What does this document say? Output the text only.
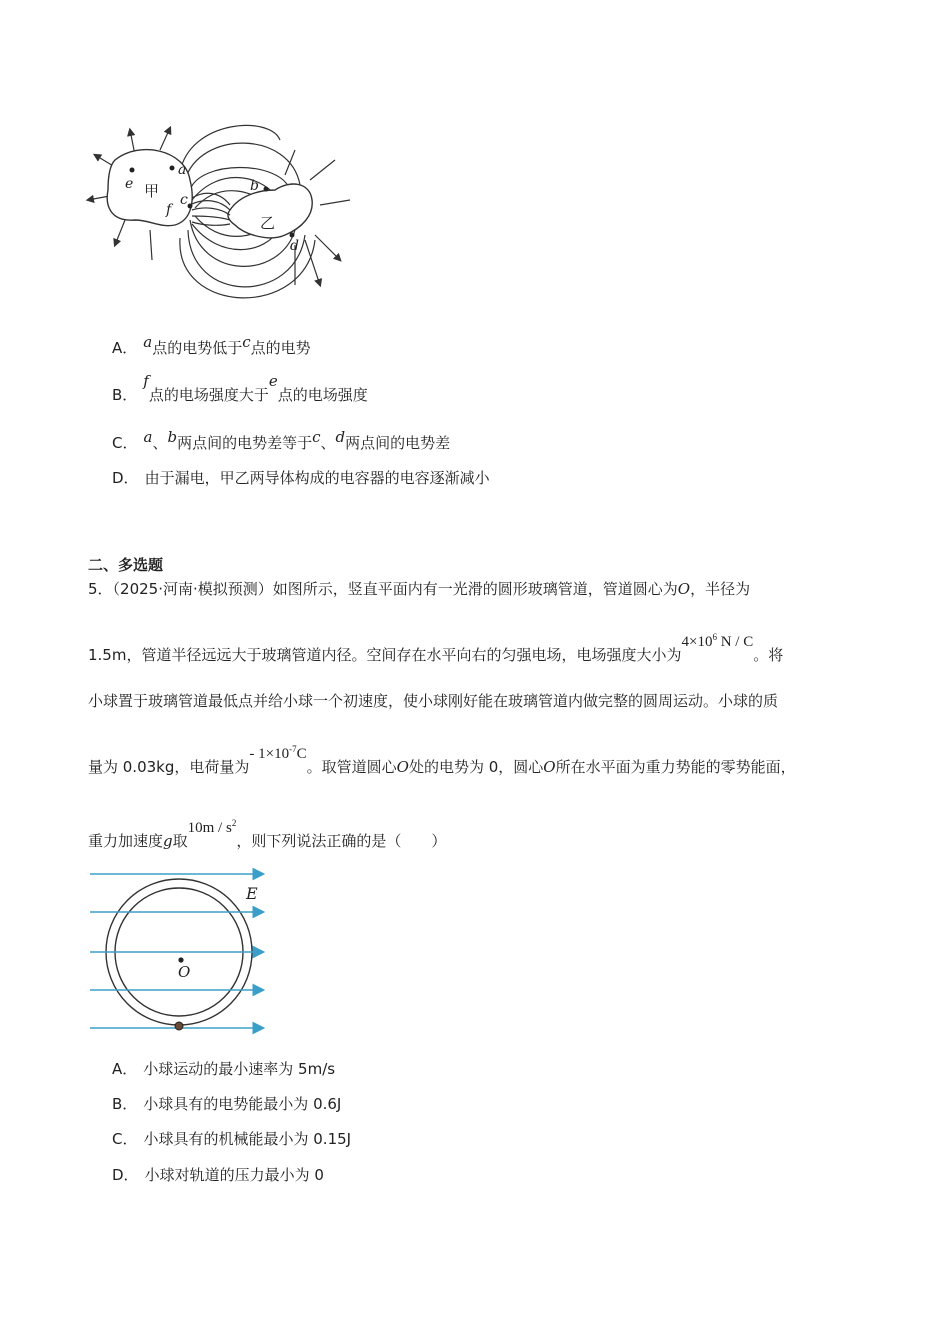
e
a
c
f
b
d
甲
乙
A． a点的电势低于c点的电势
B．f点的电场强度大于e点的电场强度
C． a、b两点间的电势差等于c、d两点间的电势差
D． 由于漏电，甲乙两导体构成的电容器的电容逐渐减小
二、多选题
5．（2025·河南·模拟预测）如图所示，竖直平面内有一光滑的圆形玻璃管道，管道圆心为O，半径为
1.5m，管道半径远远大于玻璃管道内径。空间存在水平向右的匀强电场，电场强度大小为$4\times 10^6$ N / C。将
小球置于玻璃管道最低点并给小球一个初速度，使小球刚好能在玻璃管道内做完整的圆周运动。小球的质
量为 0.03kg，电荷量为- $1\times 10^{-7}C$。取管道圆心O处的电势为 0，圆心O所在水平面为重力势能的零势能面，
重力加速度g取$10m / s^2$，则下列说法正确的是（　　）
E
O
A． 小球运动的最小速率为 5m/s
B． 小球具有的电势能最小为 0.6J
C． 小球具有的机械能最小为 0.15J
D． 小球对轨道的压力最小为 0
